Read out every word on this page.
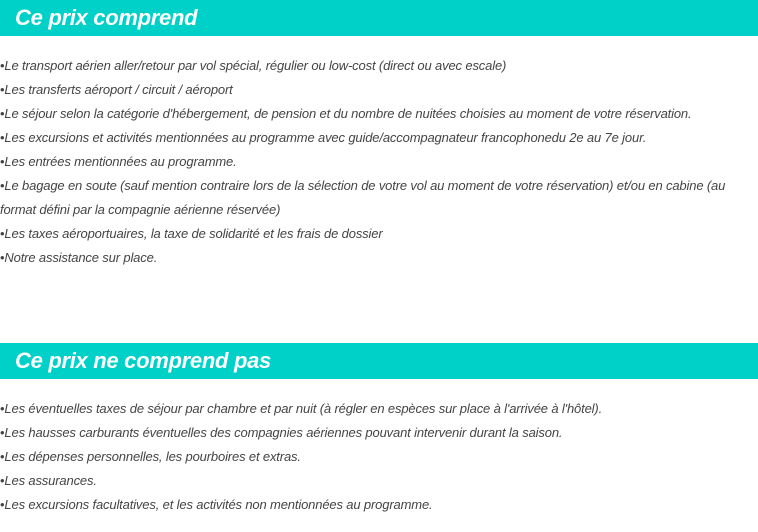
Ce prix comprend
• Le transport aérien aller/retour par vol spécial, régulier ou low-cost (direct ou avec escale)
• Les transferts aéroport / circuit / aéroport
• Le séjour selon la catégorie d'hébergement, de pension et du nombre de nuitées choisies au moment de votre réservation.
• Les excursions et activités mentionnées au programme avec guide/accompagnateur francophonedu 2e au 7e jour.
• Les entrées mentionnées au programme.
• Le bagage en soute (sauf mention contraire lors de la sélection de votre vol au moment de votre réservation) et/ou en cabine (au format défini par la compagnie aérienne réservée)
• Les taxes aéroportuaires, la taxe de solidarité et les frais de dossier
• Notre assistance sur place.
Ce prix ne comprend pas
• Les éventuelles taxes de séjour par chambre et par nuit (à régler en espèces sur place à l'arrivée à l'hôtel).
• Les hausses carburants éventuelles des compagnies aériennes pouvant intervenir durant la saison.
• Les dépenses personnelles, les pourboires et extras.
• Les assurances.
• Les excursions facultatives, et les activités non mentionnées au programme.
